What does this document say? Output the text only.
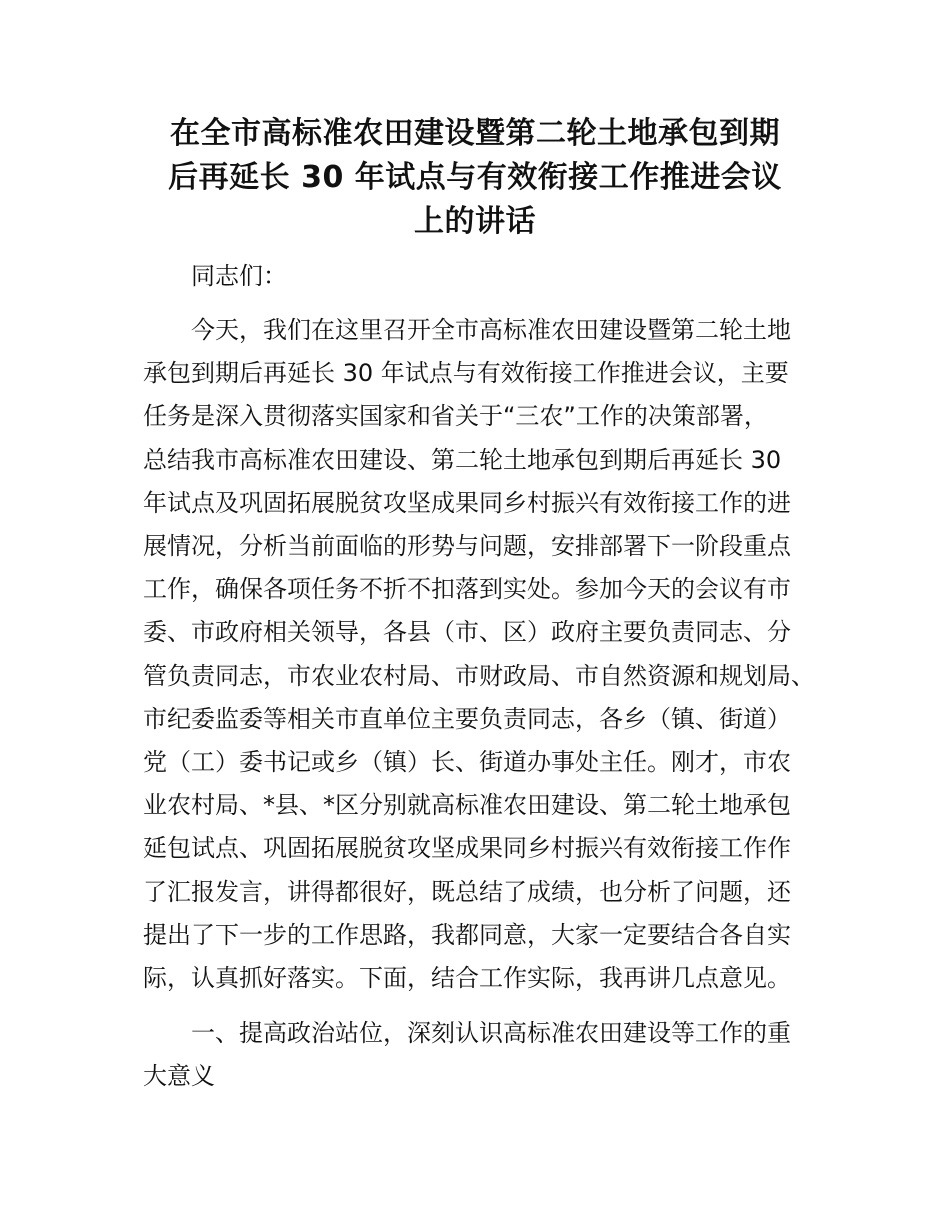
在全市高标准农田建设暨第二轮土地承包到期
后再延长 30 年试点与有效衔接工作推进会议
上的讲话
同志们：
今天，我们在这里召开全市高标准农田建设暨第二轮土地
承包到期后再延长 30 年试点与有效衔接工作推进会议，主要
任务是深入贯彻落实国家和省关于“三农”工作的决策部署，
总结我市高标准农田建设、第二轮土地承包到期后再延长 30
年试点及巩固拓展脱贫攻坚成果同乡村振兴有效衔接工作的进
展情况，分析当前面临的形势与问题，安排部署下一阶段重点
工作，确保各项任务不折不扣落到实处。参加今天的会议有市
委、市政府相关领导，各县（市、区）政府主要负责同志、分
管负责同志，市农业农村局、市财政局、市自然资源和规划局、
市纪委监委等相关市直单位主要负责同志，各乡（镇、街道）
党（工）委书记或乡（镇）长、街道办事处主任。刚才，市农
业农村局、*县、*区分别就高标准农田建设、第二轮土地承包
延包试点、巩固拓展脱贫攻坚成果同乡村振兴有效衔接工作作
了汇报发言，讲得都很好，既总结了成绩，也分析了问题，还
提出了下一步的工作思路，我都同意，大家一定要结合各自实
际，认真抓好落实。下面，结合工作实际，我再讲几点意见。
一、提高政治站位，深刻认识高标准农田建设等工作的重
大意义
